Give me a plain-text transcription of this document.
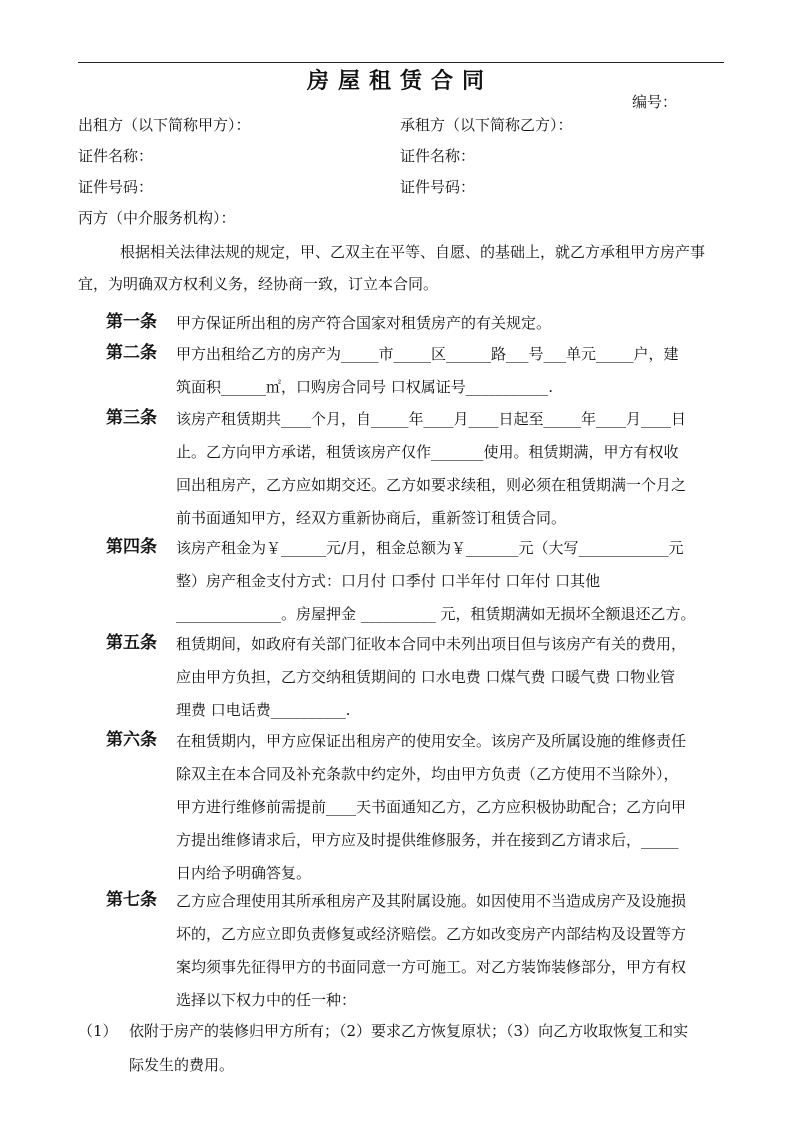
房屋租赁合同
编号：
出租方（以下简称甲方）：	承租方（以下简称乙方）：
证件名称：	证件名称：
证件号码：	证件号码：
丙方（中介服务机构）：
根据相关法律法规的规定，甲、乙双主在平等、自愿、的基础上，就乙方承租甲方房产事宜，为明确双方权利义务，经协商一致，订立本合同。
第一条 甲方保证所出租的房产符合国家对租赁房产的有关规定。
第二条 甲方出租给乙方的房产为_____市_____区______路___号___单元_____户，建
筑面积______㎡，口购房合同号 口权属证号___________.
第三条 该房产租赁期共____个月，自_____年____月____日起至_____年____月____日
止。乙方向甲方承诺，租赁该房产仅作_______使用。租赁期满，甲方有权收
回出租房产，乙方应如期交还。乙方如要求续租，则必须在租赁期满一个月之
前书面通知甲方，经双方重新协商后，重新签订租赁合同。
第四条 该房产租金为￥______元/月，租金总额为￥_______元（大写____________元
整）房产租金支付方式：口月付 口季付 口半年付 口年付 口其他
______________。房屋押金 __________ 元，租赁期满如无损坏全额退还乙方。
第五条 租赁期间，如政府有关部门征收本合同中未列出项目但与该房产有关的费用，
应由甲方负担，乙方交纳租赁期间的 口水电费 口煤气费 口暖气费 口物业管
理费 口电话费__________.
第六条 在租赁期内，甲方应保证出租房产的使用安全。该房产及所属设施的维修责任
除双主在本合同及补充条款中约定外，均由甲方负责（乙方使用不当除外），
甲方进行维修前需提前____天书面通知乙方，乙方应积极协助配合；乙方向甲
方提出维修请求后，甲方应及时提供维修服务，并在接到乙方请求后，_____
日内给予明确答复。
第七条 乙方应合理使用其所承租房产及其附属设施。如因使用不当造成房产及设施损
坏的，乙方应立即负责修复或经济赔偿。乙方如改变房产内部结构及设置等方
案均须事先征得甲方的书面同意一方可施工。对乙方装饰装修部分，甲方有权
选择以下权力中的任一种：
（1） 依附于房产的装修归甲方所有；（2）要求乙方恢复原状；（3）向乙方收取恢复工和实
际发生的费用。
